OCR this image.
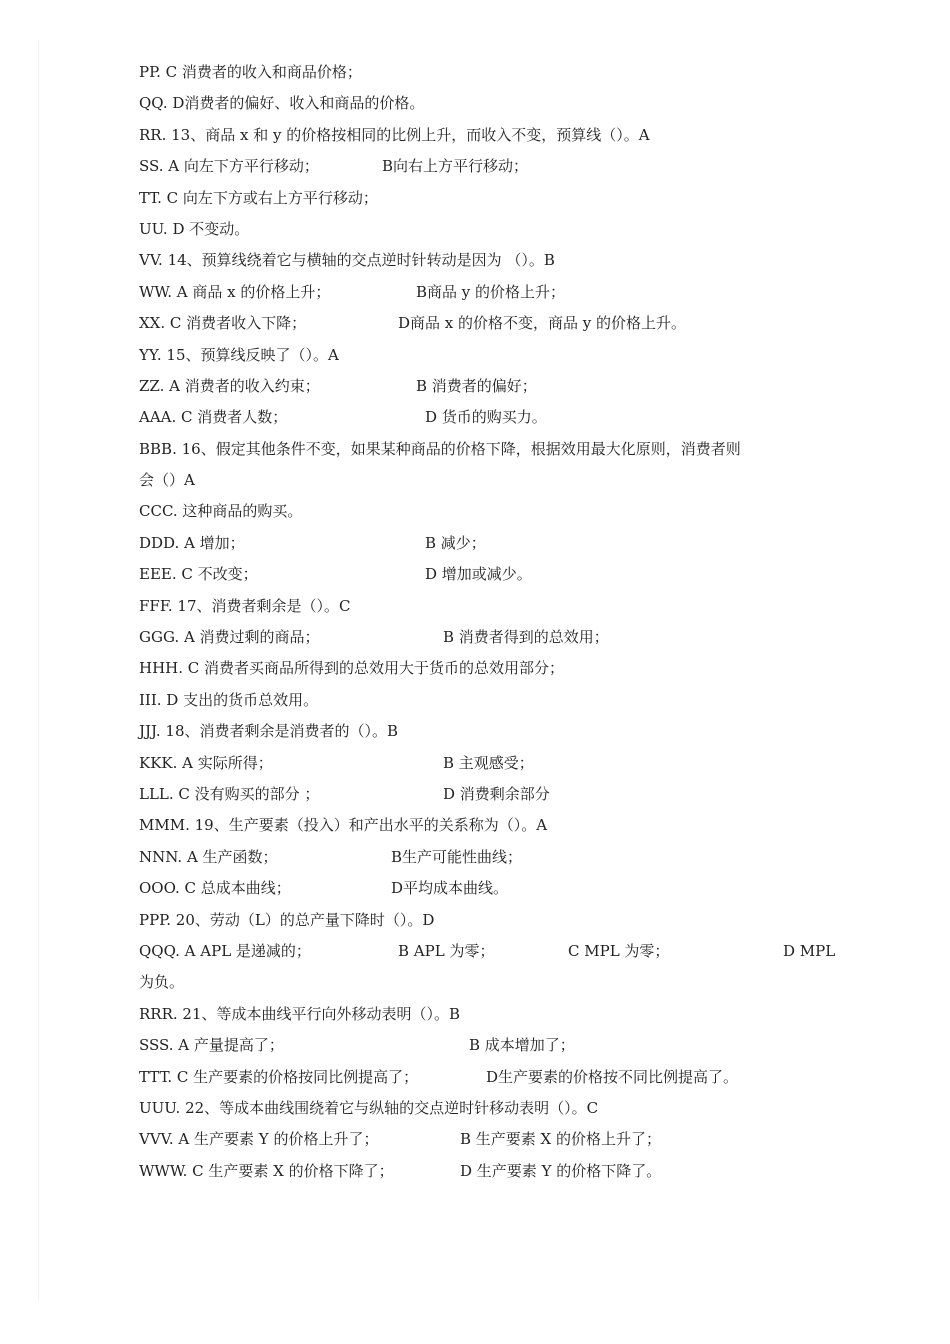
PP. C 消费者的收入和商品价格；
QQ. D消费者的偏好、收入和商品的价格。
RR. 13、商品 x 和 y 的价格按相同的比例上升，而收入不变，预算线（）。A
SS. A 向左下方平行移动；	B向右上方平行移动；
TT. C 向左下方或右上方平行移动；
UU. D 不变动。
VV. 14、预算线绕着它与横轴的交点逆时针转动是因为 （）。B
WW. A 商品 x 的价格上升；	B商品 y 的价格上升；
XX. C 消费者收入下降；	D商品 x 的价格不变，商品 y 的价格上升。
YY. 15、预算线反映了（）。A
ZZ. A 消费者的收入约束；	B 消费者的偏好；
AAA. C 消费者人数；	D 货币的购买力。
BBB. 16、假定其他条件不变，如果某种商品的价格下降，根据效用最大化原则，消费者则
会（）A
CCC. 这种商品的购买。
DDD. A 增加；	B 减少；
EEE. C 不改变；	D 增加或减少。
FFF. 17、消费者剩余是（）。C
GGG. A 消费过剩的商品；	B 消费者得到的总效用；
HHH. C 消费者买商品所得到的总效用大于货币的总效用部分；
III. D 支出的货币总效用。
JJJ. 18、消费者剩余是消费者的（）。B
KKK. A 实际所得；	B 主观感受；
LLL. C 没有购买的部分 ；	D 消费剩余部分
MMM. 19、生产要素（投入）和产出水平的关系称为（）。A
NNN. A 生产函数；	B生产可能性曲线；
OOO. C 总成本曲线；	D平均成本曲线。
PPP. 20、劳动（L）的总产量下降时（）。D
QQQ. A APL 是递减的；	B APL 为零；	C MPL 为零；	D MPL
为负。
RRR. 21、等成本曲线平行向外移动表明（）。B
SSS. A 产量提高了；	B 成本增加了；
TTT. C 生产要素的价格按同比例提高了；	D生产要素的价格按不同比例提高了。
UUU. 22、等成本曲线围绕着它与纵轴的交点逆时针移动表明（）。C
VVV. A 生产要素 Y 的价格上升了；	B 生产要素 X 的价格上升了；
WWW. C 生产要素 X 的价格下降了；	D 生产要素 Y 的价格下降了。
